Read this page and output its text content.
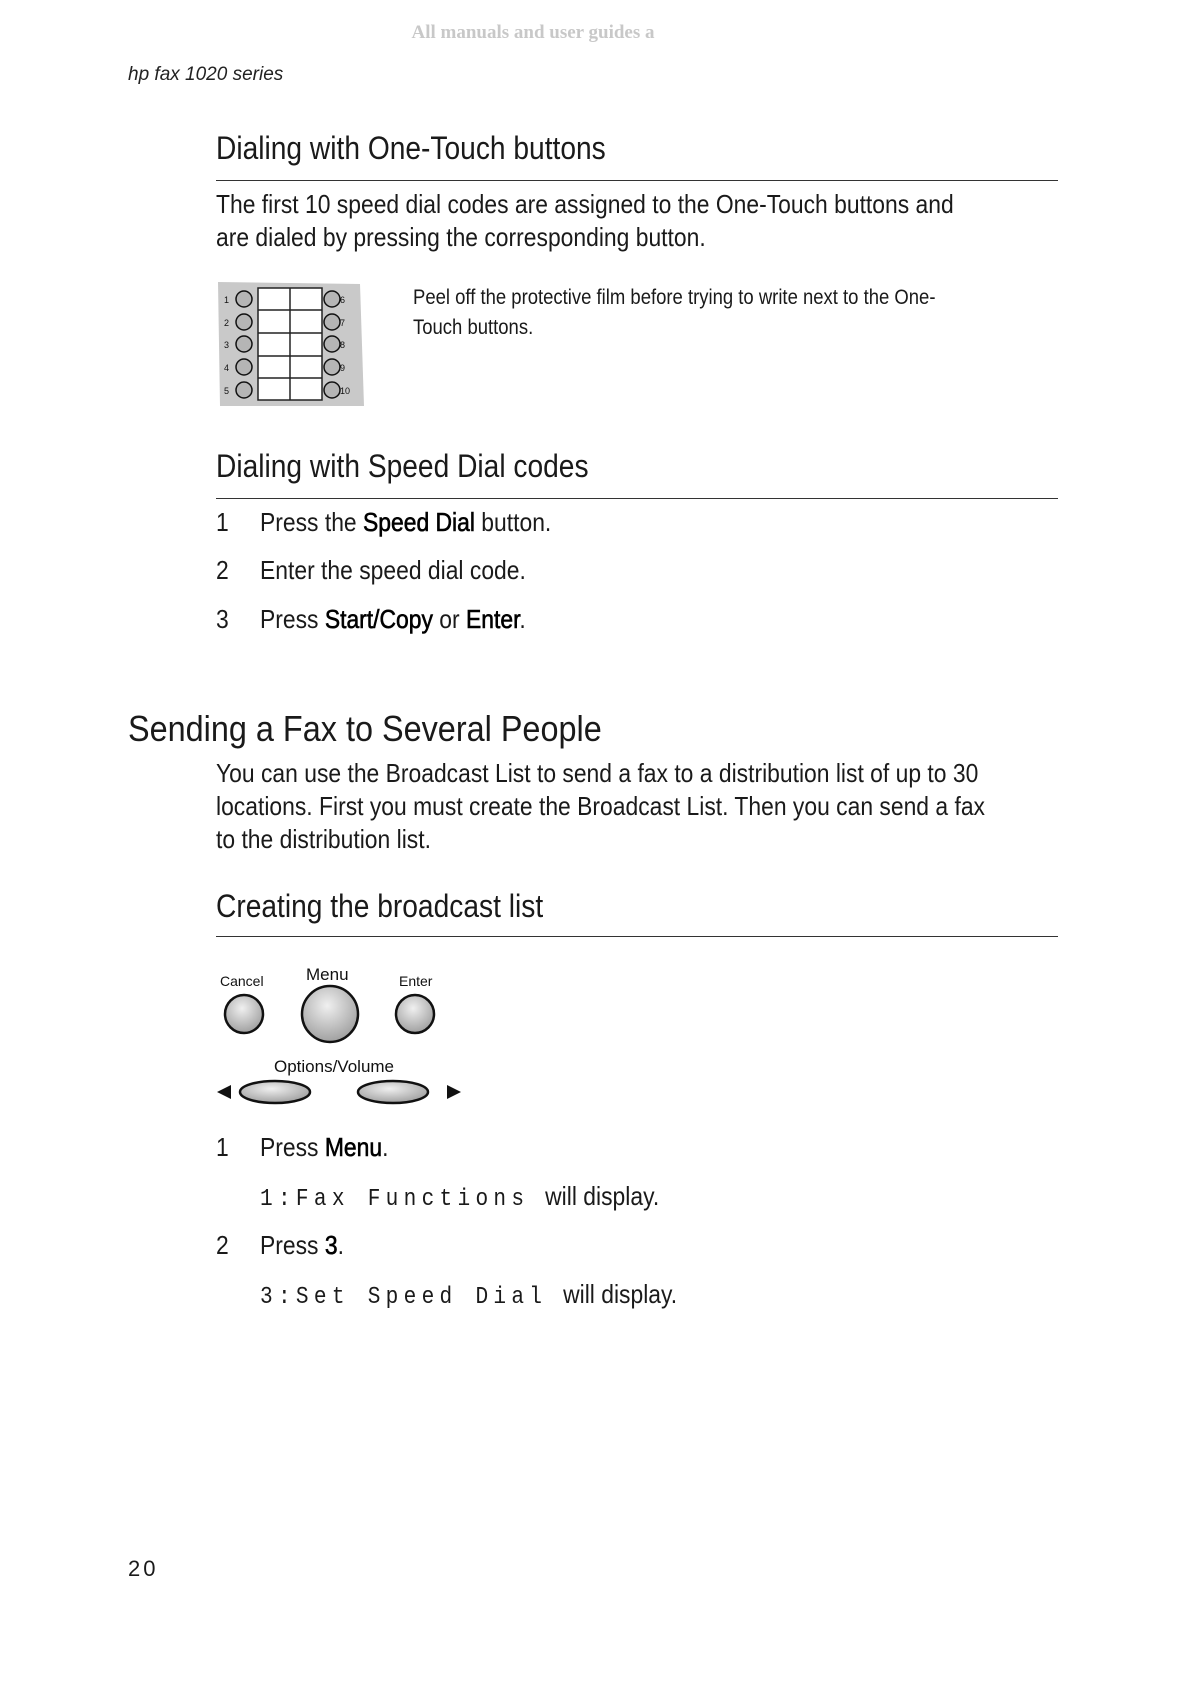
All manuals and user guides a
hp fax 1020 series
Dialing with One-Touch buttons
The first 10 speed dial codes are assigned to the One-Touch buttons and are dialed by pressing the corresponding button.
1
2
3
4
5
6
7
8
9
10
Peel off the protective film before trying to write next to the One-Touch buttons.
Dialing with Speed Dial codes
1 Press the Speed Dial button.
2 Enter the speed dial code.
3 Press Start/Copy or Enter.
Sending a Fax to Several People
You can use the Broadcast List to send a fax to a distribution list of up to 30 locations. First you must create the Broadcast List. Then you can send a fax to the distribution list.
Creating the broadcast list
Cancel Menu	Enter
Options/Volume
1 Press Menu.
1:Fax Functions will display.
2 Press 3.
3:Set Speed Dial will display.
20
